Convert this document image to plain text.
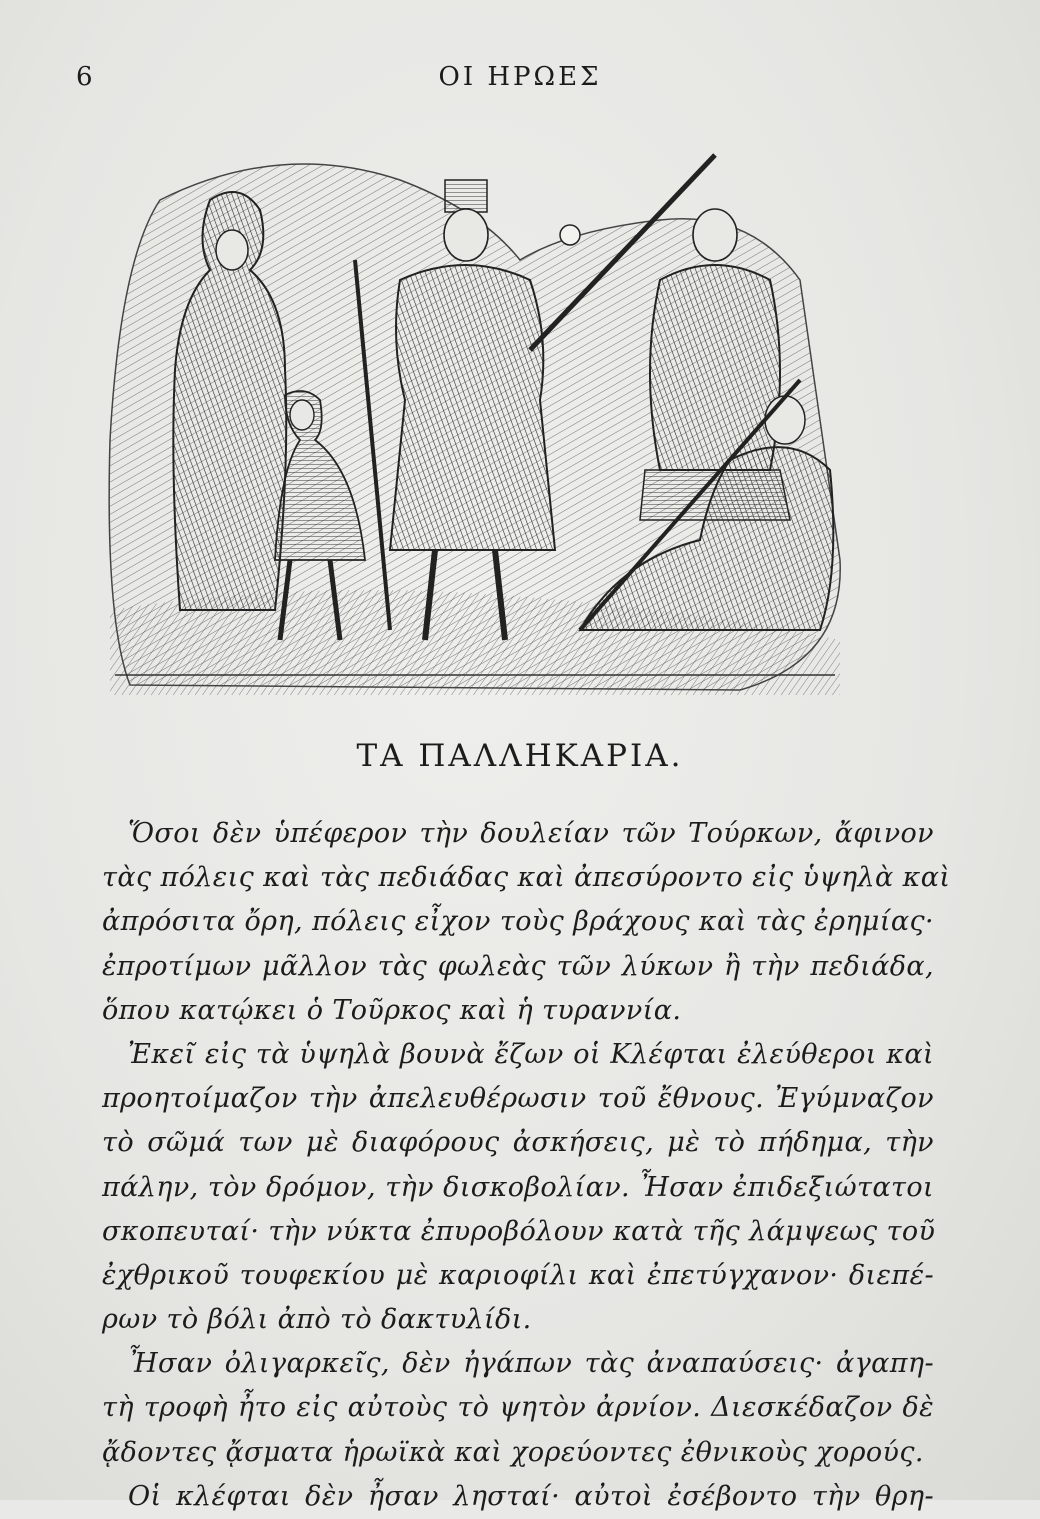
6	ΟΙ ΗΡΩΕΣ
ΤΑ ΠΑΛΛΗΚΑΡΙΑ.
Ὅσοι δὲν ὑπέφερον τὴν δουλείαν τῶν Τούρκων, ἄφινον
τὰς πόλεις καὶ τὰς πεδιάδας καὶ ἀπεσύροντο εἰς ὑψηλὰ καὶ
ἀπρόσιτα ὄρη, πόλεις εἶχον τοὺς βράχους καὶ τὰς ἐρημίας·
ἐπροτίμων μᾶλλον τὰς φωλεὰς τῶν λύκων ἢ τὴν πεδιάδα,
ὅπου κατῴκει ὁ Τοῦρκος καὶ ἡ τυραννία.
Ἐκεῖ εἰς τὰ ὑψηλὰ βουνὰ ἔζων οἱ Κλέφται ἐλεύθεροι καὶ
προητοίμαζον τὴν ἀπελευθέρωσιν τοῦ ἔθνους. Ἐγύμναζον
τὸ σῶμά των μὲ διαφόρους ἀσκήσεις, μὲ τὸ πήδημα, τὴν
πάλην, τὸν δρόμον, τὴν δισκοβολίαν. Ἦσαν ἐπιδεξιώτατοι
σκοπευταί· τὴν νύκτα ἐπυροβόλουν κατὰ τῆς λάμψεως τοῦ
ἐχθρικοῦ τουφεκίου μὲ καριοφίλι καὶ ἐπετύγχανον· διεπέ-
ρων τὸ βόλι ἀπὸ τὸ δακτυλίδι.
Ἦσαν ὀλιγαρκεῖς, δὲν ἠγάπων τὰς ἀναπαύσεις· ἀγαπη-
τὴ τροφὴ ἦτο εἰς αὐτοὺς τὸ ψητὸν ἀρνίον. Διεσκέδαζον δὲ
ᾄδοντες ᾄσματα ἡρωϊκὰ καὶ χορεύοντες ἐθνικοὺς χορούς.
Οἱ κλέφται δὲν ἦσαν λησταί· αὐτοὶ ἐσέβοντο τὴν θρη-
